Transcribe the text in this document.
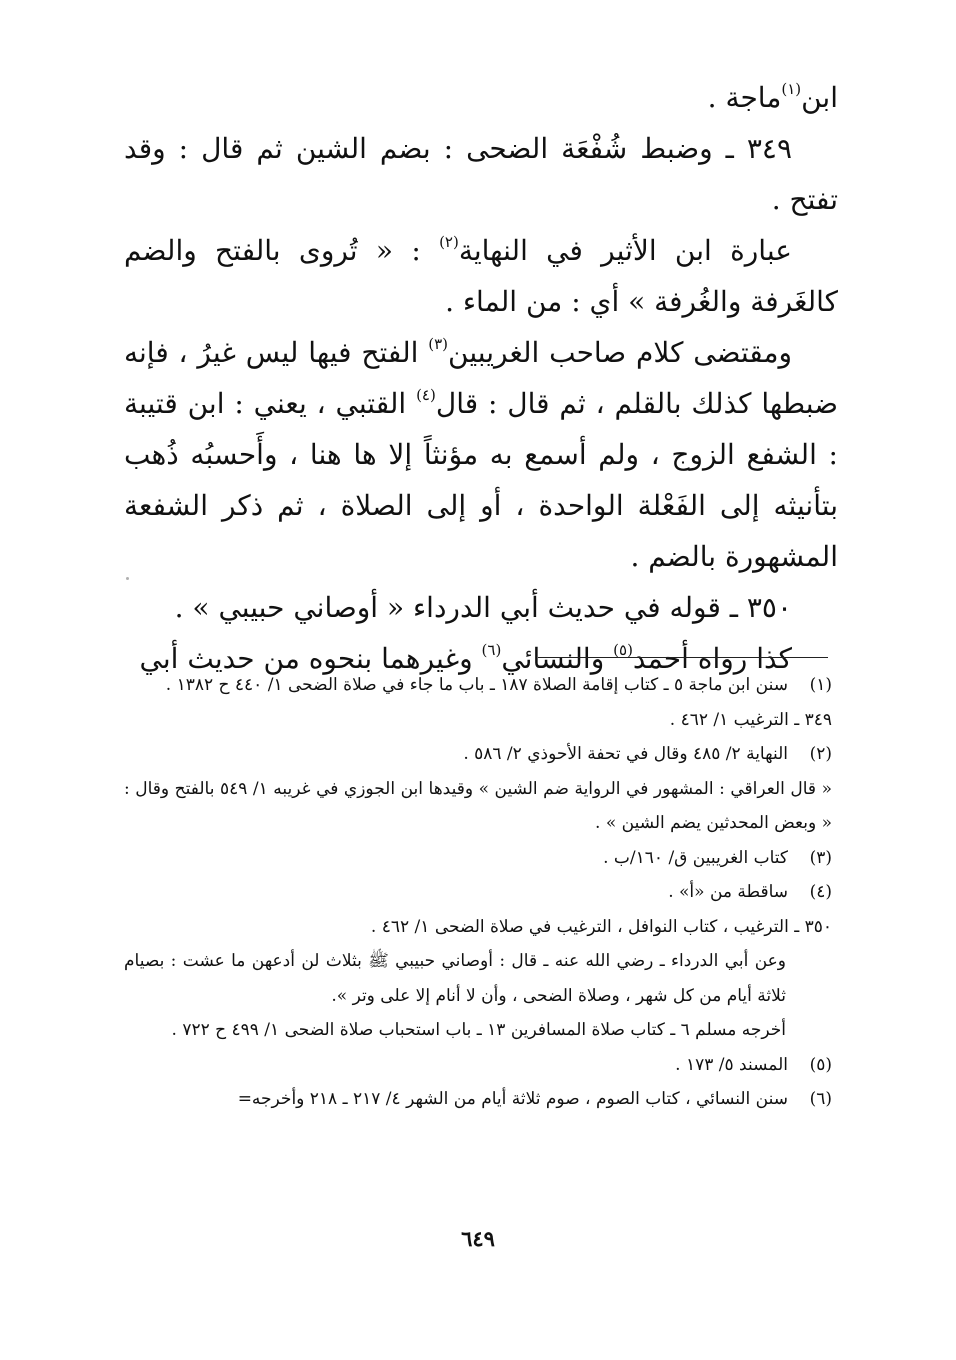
ابن$^{(١)}$ماجة .

٣٤٩ ـ وضبط شُفْعَة الضحى : بضم الشين ثم قال : وقد تفتح .

عبارة ابن الأثير في النهاية$^{(٢)}$ : « تُروى بالفتح والضم كالغَرفة والغُرفة » أي : من الماء .

ومقتضى كلام صاحب الغريبين$^{(٣)}$ الفتح فيها ليس غيرُ ، فإنه ضبطها كذلك بالقلم ، ثم قال : قال$^{(٤)}$ القتبي ، يعني : ابن قتيبة : الشفع الزوج ، ولم أسمع به مؤنثاً إلا ها هنا ، وأَحسبُه ذُهب بتأنيثه إلى الفَعْلة الواحدة ، أو إلى الصلاة ، ثم ذكر الشفعة المشهورة بالضم .

٣٥٠ ـ قوله في حديث أبي الدرداء « أوصاني حبيبي » .

كذا رواه أحمد$^{(٥)}$ والنسائي$^{(٦)}$ وغيرهما بنحوه من حديث أبي

(١)
سنن ابن ماجة ٥ ـ كتاب إقامة الصلاة ١٨٧ ـ باب ما جاء في صلاة الضحى ١/ ٤٤٠ ح ١٣٨٢ .
٣٤٩ ـ الترغيب ١/ ٤٦٢ .
(٢)
النهاية ٢/ ٤٨٥ وقال في تحفة الأحوذي ٢/ ٥٨٦ .
« قال العراقي : المشهور في الرواية ضم الشين » وقيدها ابن الجوزي في غريبه ١/ ٥٤٩ بالفتح وقال : « وبعض المحدثين يضم الشين » .
(٣)
كتاب الغريبين ق/ ١٦٠/ب .
(٤)
ساقطة من «أ» .
٣٥٠ ـ الترغيب ، كتاب النوافل ، الترغيب في صلاة الضحى ١/ ٤٦٢ .
وعن أبي الدرداء ـ رضي الله عنه ـ قال : أوصاني حبيبي ﷺ بثلاث لن أدعهن ما عشت : بصيام ثلاثة أيام من كل شهر ، وصلاة الضحى ، وأن لا أنام إلا على وتر ».
أخرجه مسلم ٦ ـ كتاب صلاة المسافرين ١٣ ـ باب استحباب صلاة الضحى ١/ ٤٩٩ ح ٧٢٢ .
(٥)
المسند ٥/ ١٧٣ .
(٦)
سنن النسائي ، كتاب الصوم ، صوم ثلاثة أيام من الشهر ٤/ ٢١٧ ـ ٢١٨ وأخرجه=
٦٤٩
